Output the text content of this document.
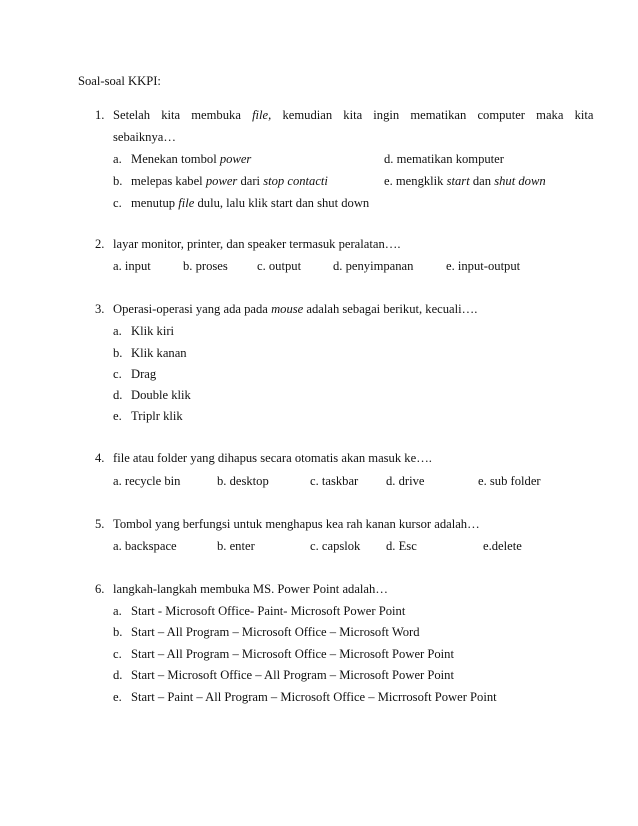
Soal-soal KKPI:
1. Setelah kita membuka file, kemudian kita ingin mematikan computer maka kita
sebaiknya…
a. Menekan tombol power	d. mematikan komputer
b. melepas kabel power dari stop contacti	e. mengklik start dan shut down
c. menutup file dulu, lalu klik start dan shut down
2. layar monitor, printer, dan speaker termasuk peralatan….
a. input	b. proses c. output	d. penyimpanan	e. input-output
3. Operasi-operasi yang ada pada mouse adalah sebagai berikut, kecuali….
a. Klik kiri
b. Klik kanan
c. Drag
d. Double klik
e. Triplr klik
4. file atau folder yang dihapus secara otomatis akan masuk ke….
a. recycle bin	b. desktop	c. taskbar d. drive	e. sub folder
5. Tombol yang berfungsi untuk menghapus kea rah kanan kursor adalah…
a. backspace	b. enter	c. capslok d. Esc	e.delete
6. langkah-langkah membuka MS. Power Point adalah…
a. Start - Microsoft Office- Paint- Microsoft Power Point
b. Start – All Program – Microsoft Office – Microsoft Word
c. Start – All Program – Microsoft Office – Microsoft Power Point
d. Start – Microsoft Office – All Program – Microsoft Power Point
e. Start – Paint – All Program – Microsoft Office – Micrrosoft Power Point
